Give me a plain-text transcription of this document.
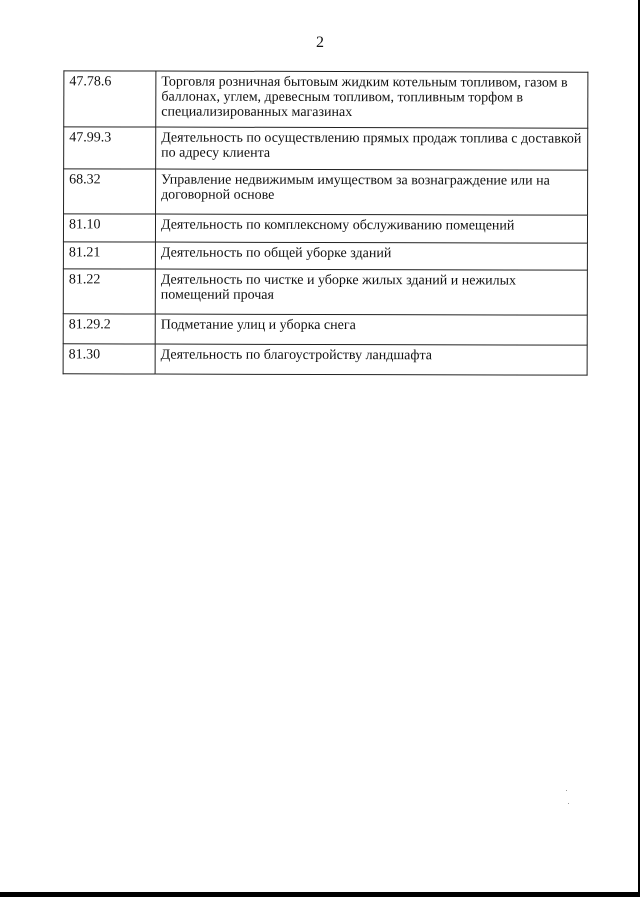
2
47.78.6	Торговля розничная бытовым жидким котельным топливом, газом в баллонах, углем, древесным топливом, топливным торфом в специализированных магазинах
47.99.3	Деятельность по осуществлению прямых продаж топлива с доставкой по адресу клиента
68.32	Управление недвижимым имуществом за вознаграждение или на договорной основе
81.10	Деятельность по комплексному обслуживанию помещений
81.21	Деятельность по общей уборке зданий
81.22	Деятельность по чистке и уборке жилых зданий и нежилых помещений прочая
81.29.2	Подметание улиц и уборка снега
81.30	Деятельность по благоустройству ландшафта
